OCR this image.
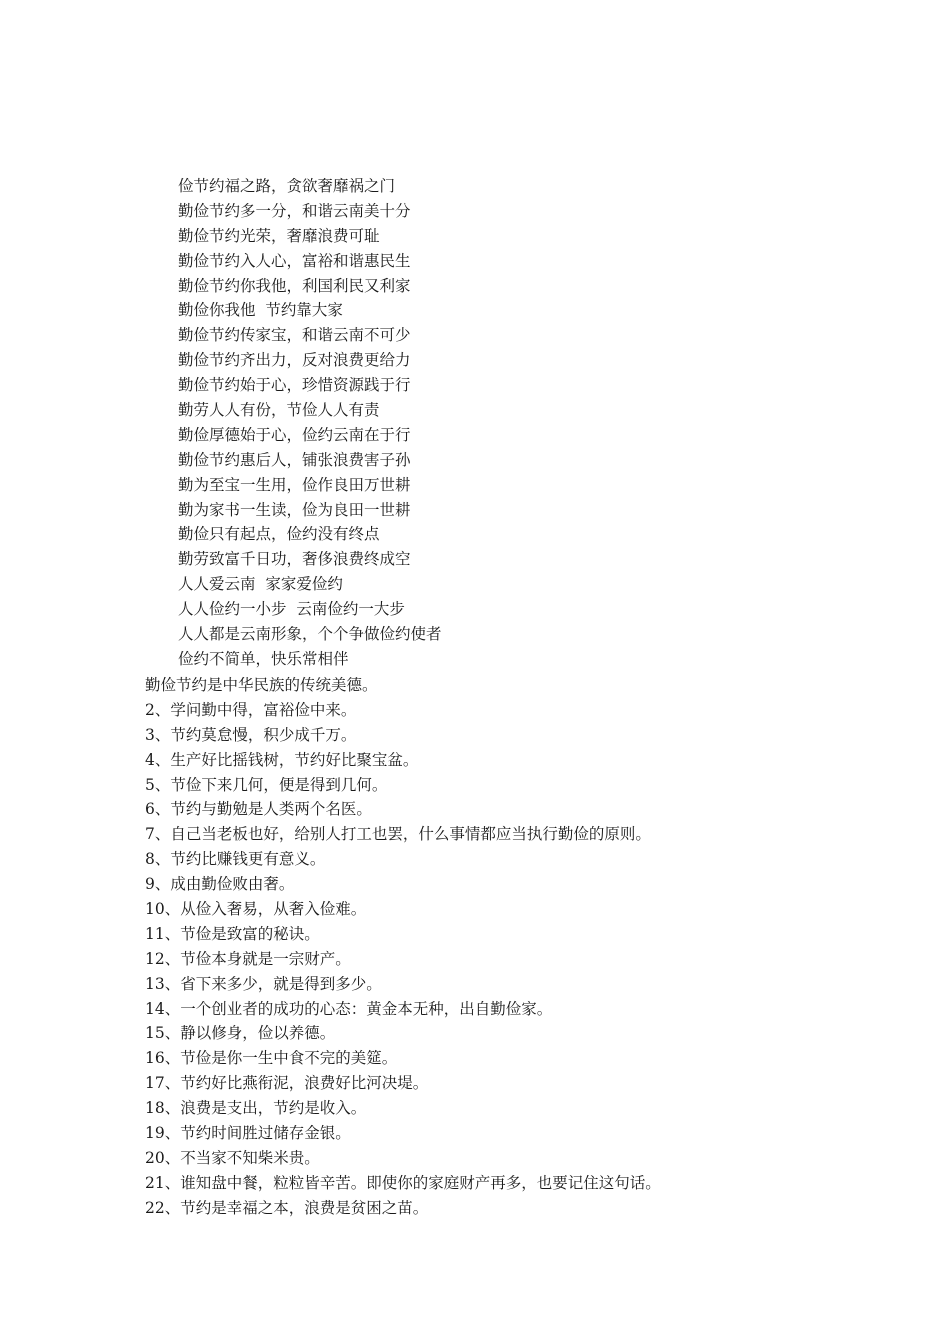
俭节约福之路，贪欲奢靡祸之门
勤俭节约多一分，和谐云南美十分
勤俭节约光荣，奢靡浪费可耻
勤俭节约入人心，富裕和谐惠民生
勤俭节约你我他，利国利民又利家
勤俭你我他  节约靠大家
勤俭节约传家宝，和谐云南不可少
勤俭节约齐出力，反对浪费更给力
勤俭节约始于心，珍惜资源践于行
勤劳人人有份，节俭人人有责
勤俭厚德始于心，俭约云南在于行
勤俭节约惠后人，铺张浪费害子孙
勤为至宝一生用，俭作良田万世耕
勤为家书一生读，俭为良田一世耕
勤俭只有起点，俭约没有终点
勤劳致富千日功，奢侈浪费终成空
人人爱云南  家家爱俭约
人人俭约一小步  云南俭约一大步
人人都是云南形象，个个争做俭约使者
俭约不简单，快乐常相伴
勤俭节约是中华民族的传统美德。
2、学问勤中得，富裕俭中来。
3、节约莫怠慢，积少成千万。
4、生产好比摇钱树，节约好比聚宝盆。
5、节俭下来几何，便是得到几何。
6、节约与勤勉是人类两个名医。
7、自己当老板也好，给别人打工也罢，什么事情都应当执行勤俭的原则。
8、节约比赚钱更有意义。
9、成由勤俭败由奢。
10、从俭入奢易，从奢入俭难。
11、节俭是致富的秘诀。
12、节俭本身就是一宗财产。
13、省下来多少，就是得到多少。
14、一个创业者的成功的心态：黄金本无种，出自勤俭家。
15、静以修身，俭以养德。
16、节俭是你一生中食不完的美筵。
17、节约好比燕衔泥，浪费好比河决堤。
18、浪费是支出，节约是收入。
19、节约时间胜过储存金银。
20、不当家不知柴米贵。
21、谁知盘中餐，粒粒皆辛苦。即使你的家庭财产再多，也要记住这句话。
22、节约是幸福之本，浪费是贫困之苗。
